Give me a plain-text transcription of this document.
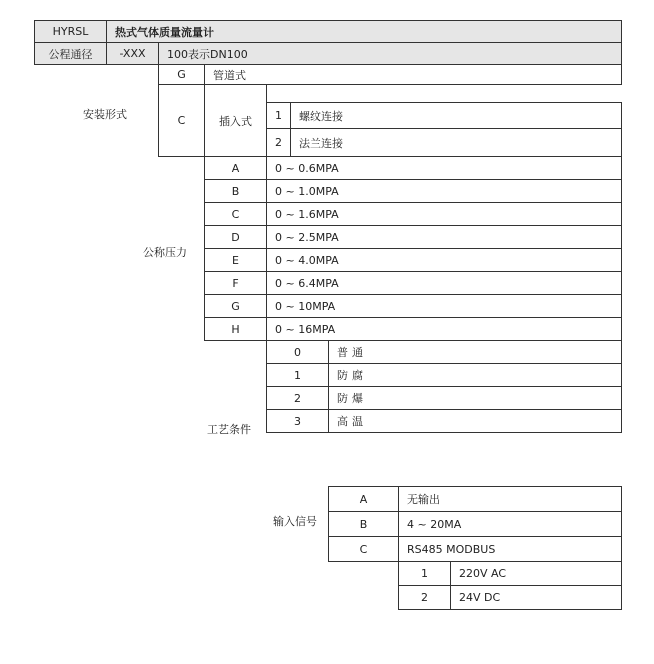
HYRSL 热式气体质量流量计
公程通径 -XXX 100表示DN100
安装形式
G 管道式
C	插入式 1 螺纹连接
2 法兰连接
公称压力
A	0 ~ 0.6MPA
B	0 ~ 1.0MPA
C	0 ~ 1.6MPA
D	0 ~ 2.5MPA
E	0 ~ 4.0MPA
F	0 ~ 6.4MPA
G	0 ~ 10MPA
H	0 ~ 16MPA
工艺条件
0	普通
1	防腐
2	防爆
3	高温
输入信号
A	无输出
B	4 ~ 20MA
C	RS485 MODBUS
1	220V AC
2	24V DC
